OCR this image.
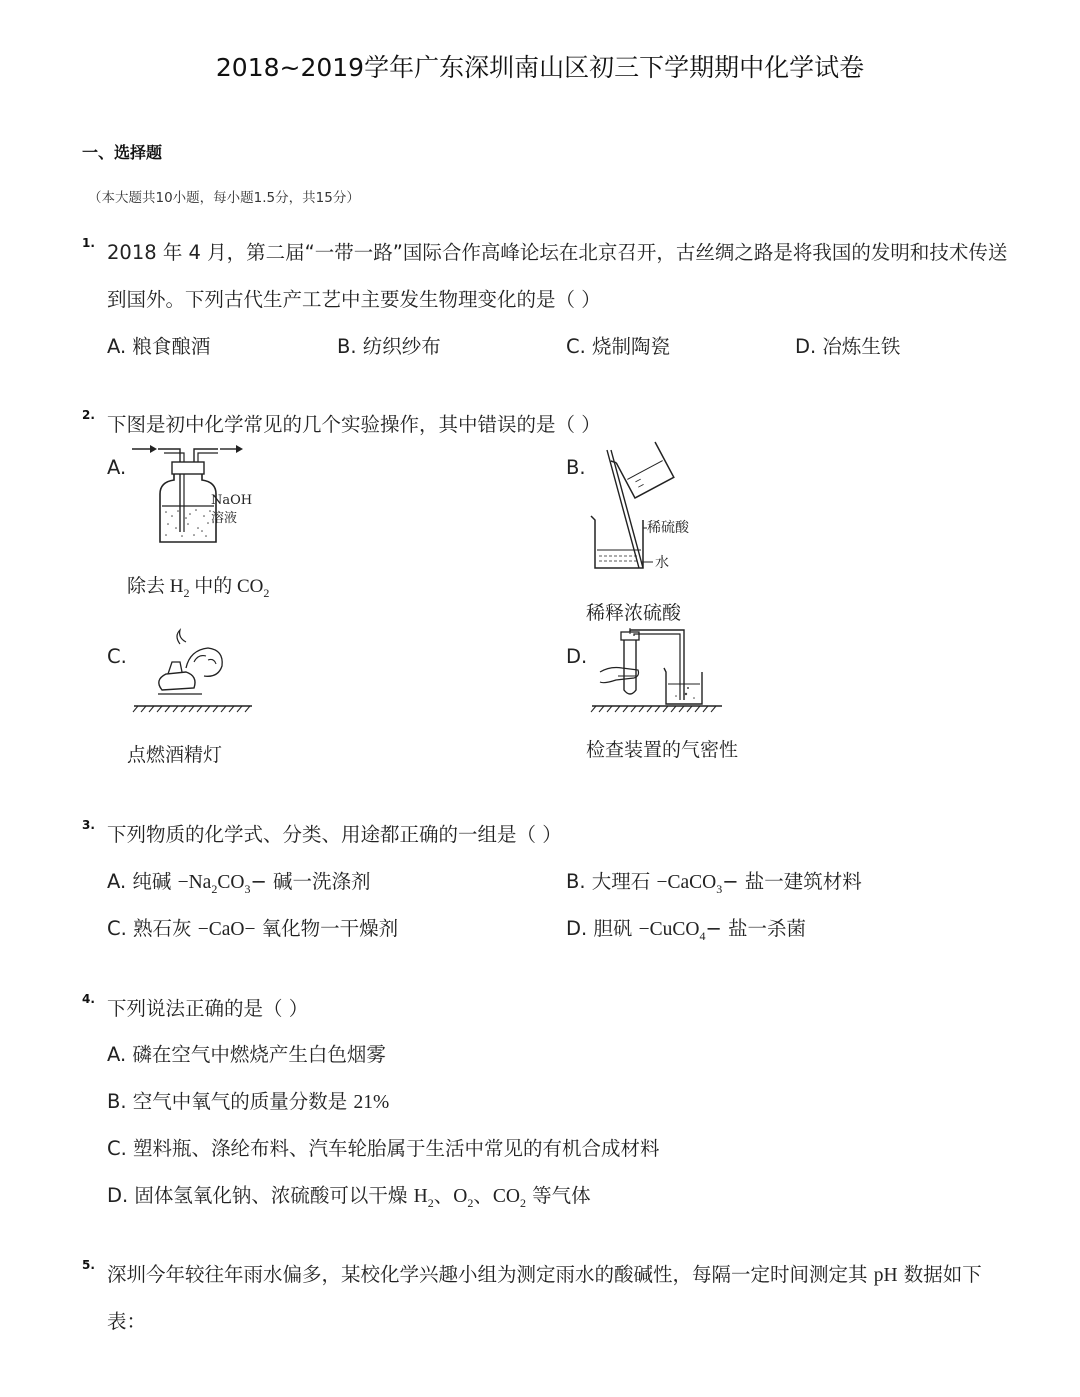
2018~2019学年广东深圳南山区初三下学期期中化学试卷
一、选择题
（本大题共10小题，每小题1.5分，共15分）
1. 2018 年 4 月，第二届“一带一路”国际合作高峰论坛在北京召开，古丝绸之路是将我国的发明和技术传送
到国外。下列古代生产工艺中主要发生物理变化的是（ ）
A. 粮食酿酒	B. 纺织纱布	C. 烧制陶瓷	D. 冶炼生铁
2. 下图是初中化学常见的几个实验操作，其中错误的是（ ）
A.
NaOH
溶液
除去 $H_2$ 中的 $CO_2$
B.
稀硫酸
水
稀释浓硫酸
C.
点燃酒精灯
D.
检查装置的气密性
3. 下列物质的化学式、分类、用途都正确的一组是（ ）
A. 纯碱 $-Na_2CO_3-$ 碱一洗涤剂	B. 大理石 −CaCO$_3$− 盐一建筑材料
C. 熟石灰 −CaO− 氧化物一干燥剂	D. 胆矾 −CuCO$_4$− 盐一杀菌
4. 下列说法正确的是（ ）
A. 磷在空气中燃烧产生白色烟雾
B. 空气中氧气的质量分数是 21%
C. 塑料瓶、涤纶布料、汽车轮胎属于生活中常见的有机合成材料
D. 固体氢氧化钠、浓硫酸可以干燥 $H_2$、$O_2$、$CO_2$ 等气体
5. 深圳今年较往年雨水偏多，某校化学兴趣小组为测定雨水的酸碱性，每隔一定时间测定其 pH 数据如下
表：
